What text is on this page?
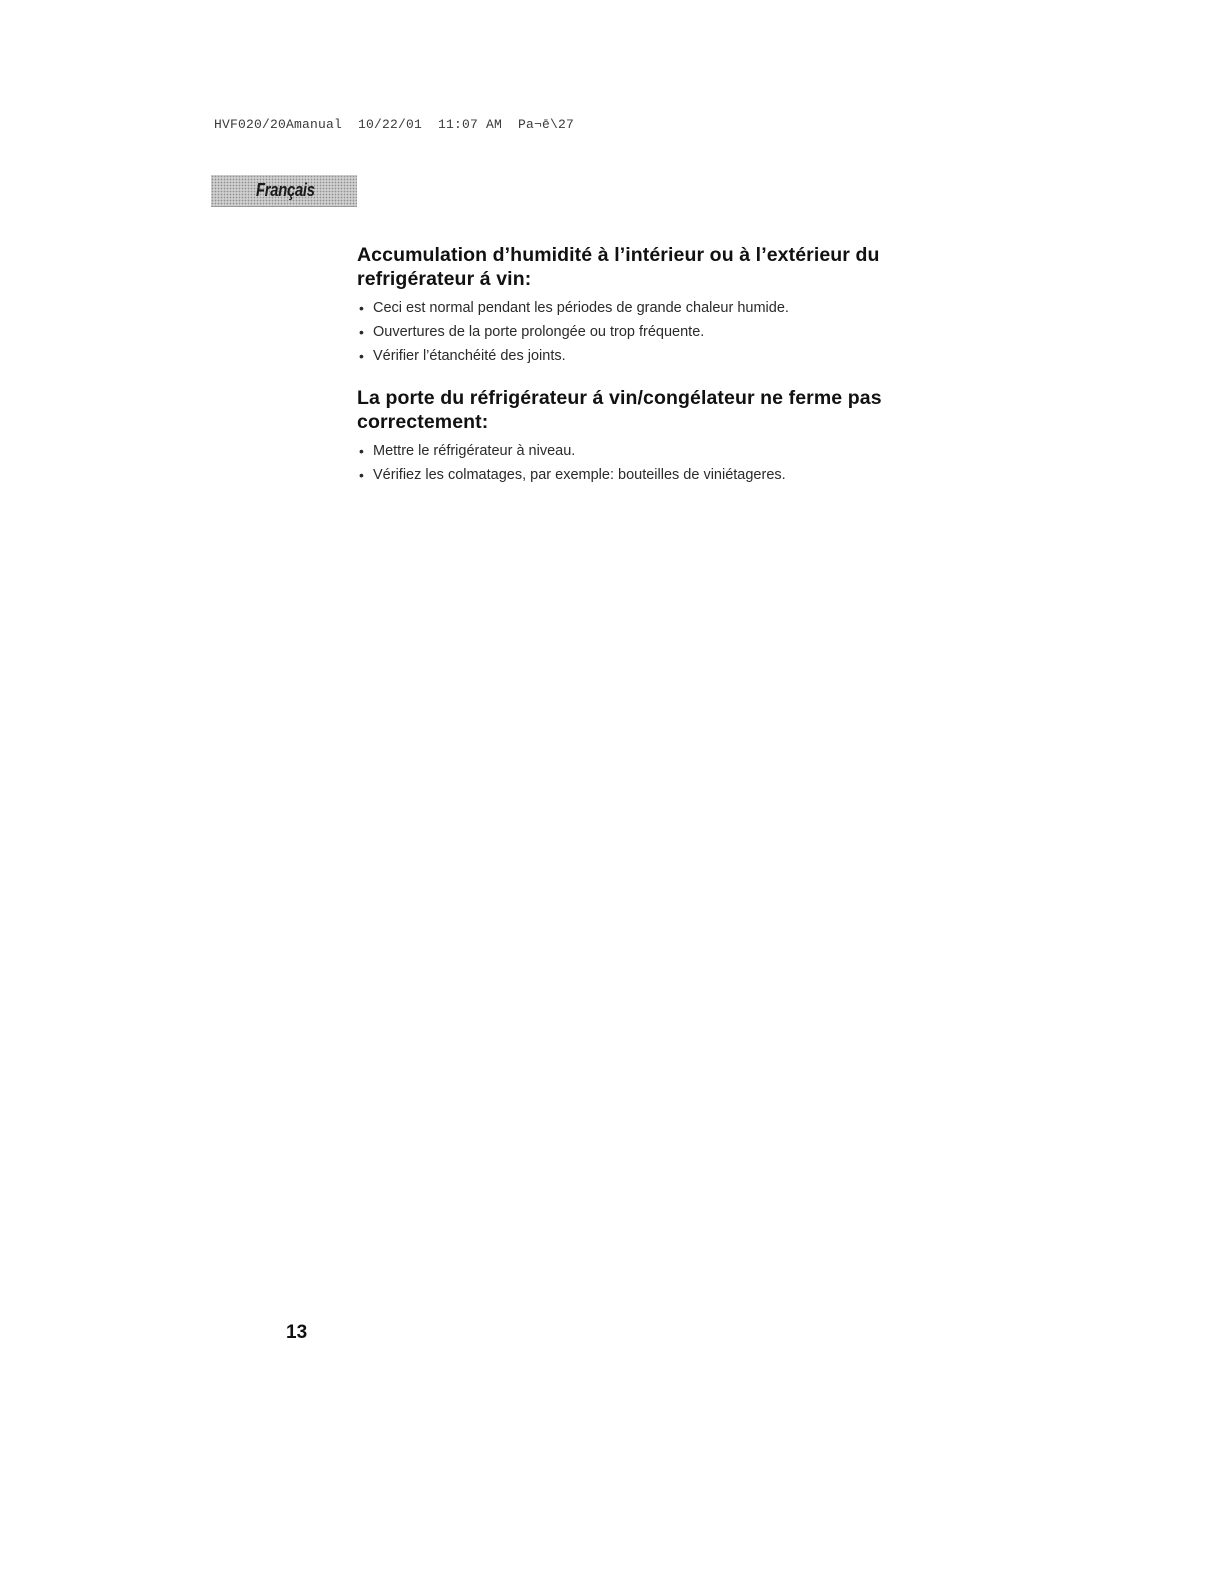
HVF020/20Amanual  10/22/01  11:07 AM  Pa¬ē\27
Français
Accumulation d’humidité à l’intérieur ou à l’extérieur du refrigérateur á vin:
• Ceci est normal pendant les périodes de grande chaleur humide.
• Ouvertures de la porte prolongée ou trop fréquente.
• Vérifier l’étanchéité des joints.
La porte du réfrigérateur á vin/congélateur ne ferme pas correctement:
• Mettre le réfrigérateur à niveau.
• Vérifiez les colmatages, par exemple: bouteilles de viniétageres.
13
